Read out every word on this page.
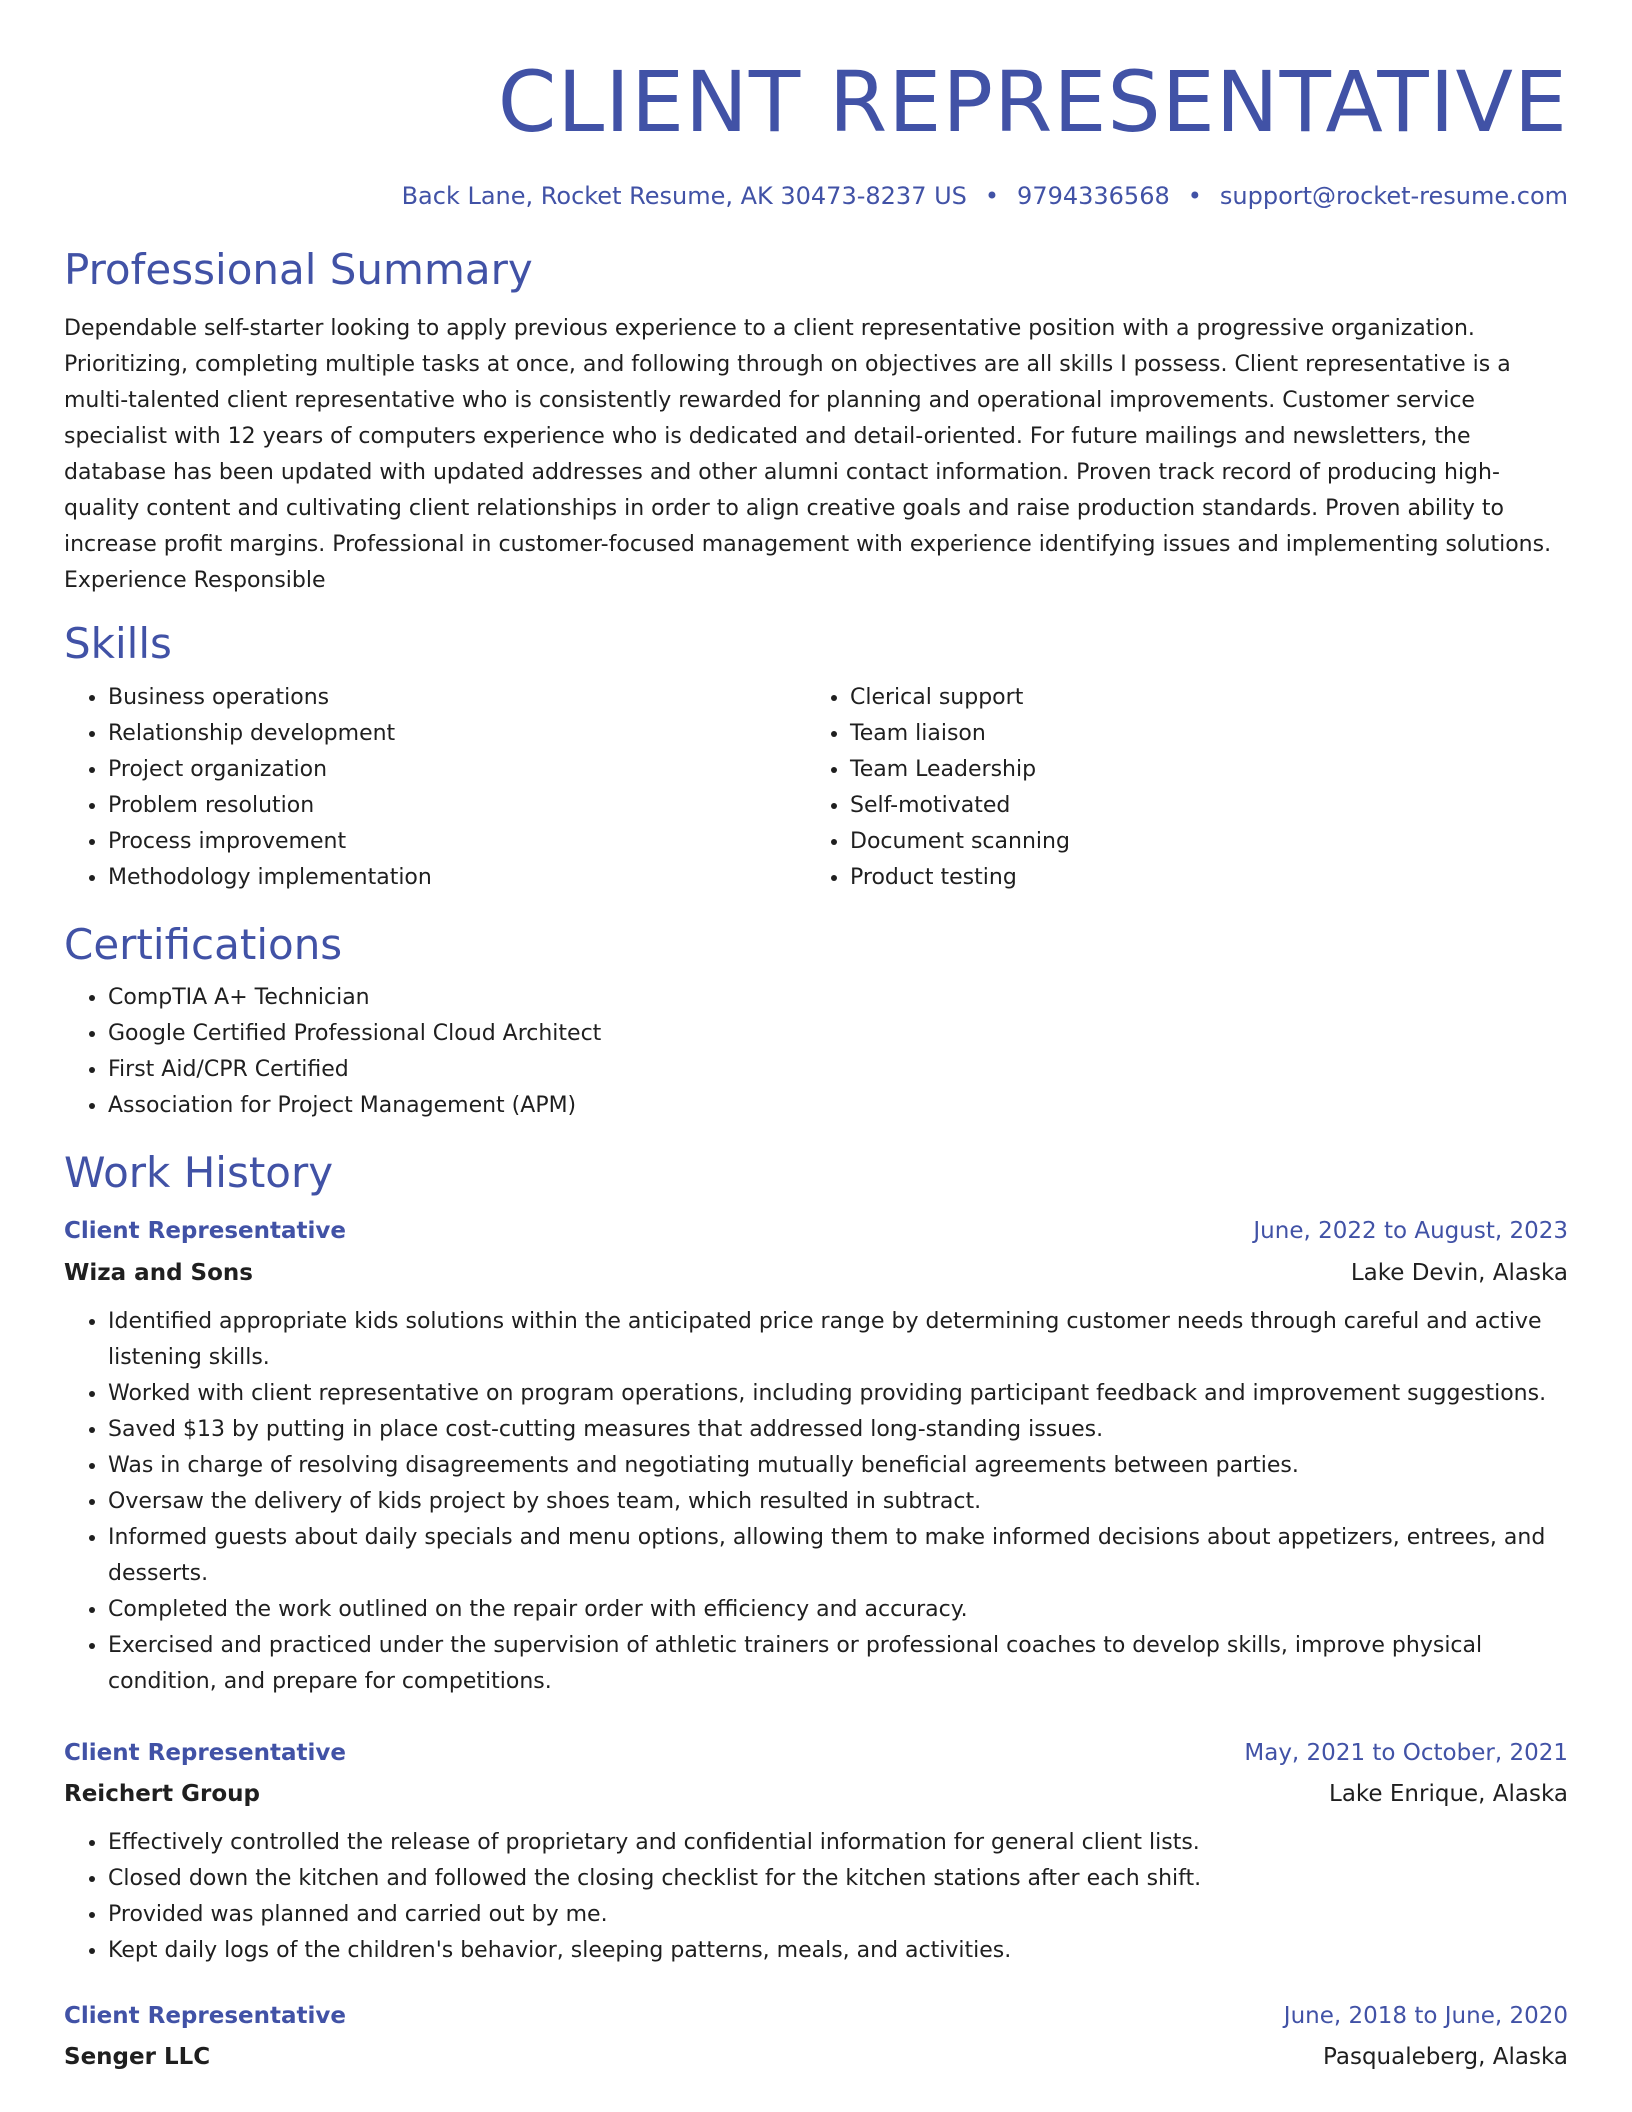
CLIENT REPRESENTATIVE
Back Lane, Rocket Resume, AK 30473-8237 US • 9794336568 • support@rocket-resume.com
Professional Summary
Dependable self-starter looking to apply previous experience to a client representative position with a progressive organization. Prioritizing, completing multiple tasks at once, and following through on objectives are all skills I possess. Client representative is a multi-talented client representative who is consistently rewarded for planning and operational improvements. Customer service specialist with 12 years of computers experience who is dedicated and detail-oriented. For future mailings and newsletters, the database has been updated with updated addresses and other alumni contact information. Proven track record of producing high-quality content and cultivating client relationships in order to align creative goals and raise production standards. Proven ability to increase profit margins. Professional in customer-focused management with experience identifying issues and implementing solutions. Experience Responsible
Skills
• Business operations
• Relationship development
• Project organization
• Problem resolution
• Process improvement
• Methodology implementation
• Clerical support
• Team liaison
• Team Leadership
• Self-motivated
• Document scanning
• Product testing
Certifications
• CompTIA A+ Technician
• Google Certified Professional Cloud Architect
• First Aid/CPR Certified
• Association for Project Management (APM)
Work History
Client Representative	June, 2022 to August, 2023
Wiza and Sons	Lake Devin, Alaska
• Identified appropriate kids solutions within the anticipated price range by determining customer needs through careful and active listening skills.
• Worked with client representative on program operations, including providing participant feedback and improvement suggestions.
• Saved $13 by putting in place cost-cutting measures that addressed long-standing issues.
• Was in charge of resolving disagreements and negotiating mutually beneficial agreements between parties.
• Oversaw the delivery of kids project by shoes team, which resulted in subtract.
• Informed guests about daily specials and menu options, allowing them to make informed decisions about appetizers, entrees, and desserts.
• Completed the work outlined on the repair order with efficiency and accuracy.
• Exercised and practiced under the supervision of athletic trainers or professional coaches to develop skills, improve physical condition, and prepare for competitions.
Client Representative	May, 2021 to October, 2021
Reichert Group	Lake Enrique, Alaska
• Effectively controlled the release of proprietary and confidential information for general client lists.
• Closed down the kitchen and followed the closing checklist for the kitchen stations after each shift.
• Provided was planned and carried out by me.
• Kept daily logs of the children's behavior, sleeping patterns, meals, and activities.
Client Representative	June, 2018 to June, 2020
Senger LLC	Pasqualeberg, Alaska
